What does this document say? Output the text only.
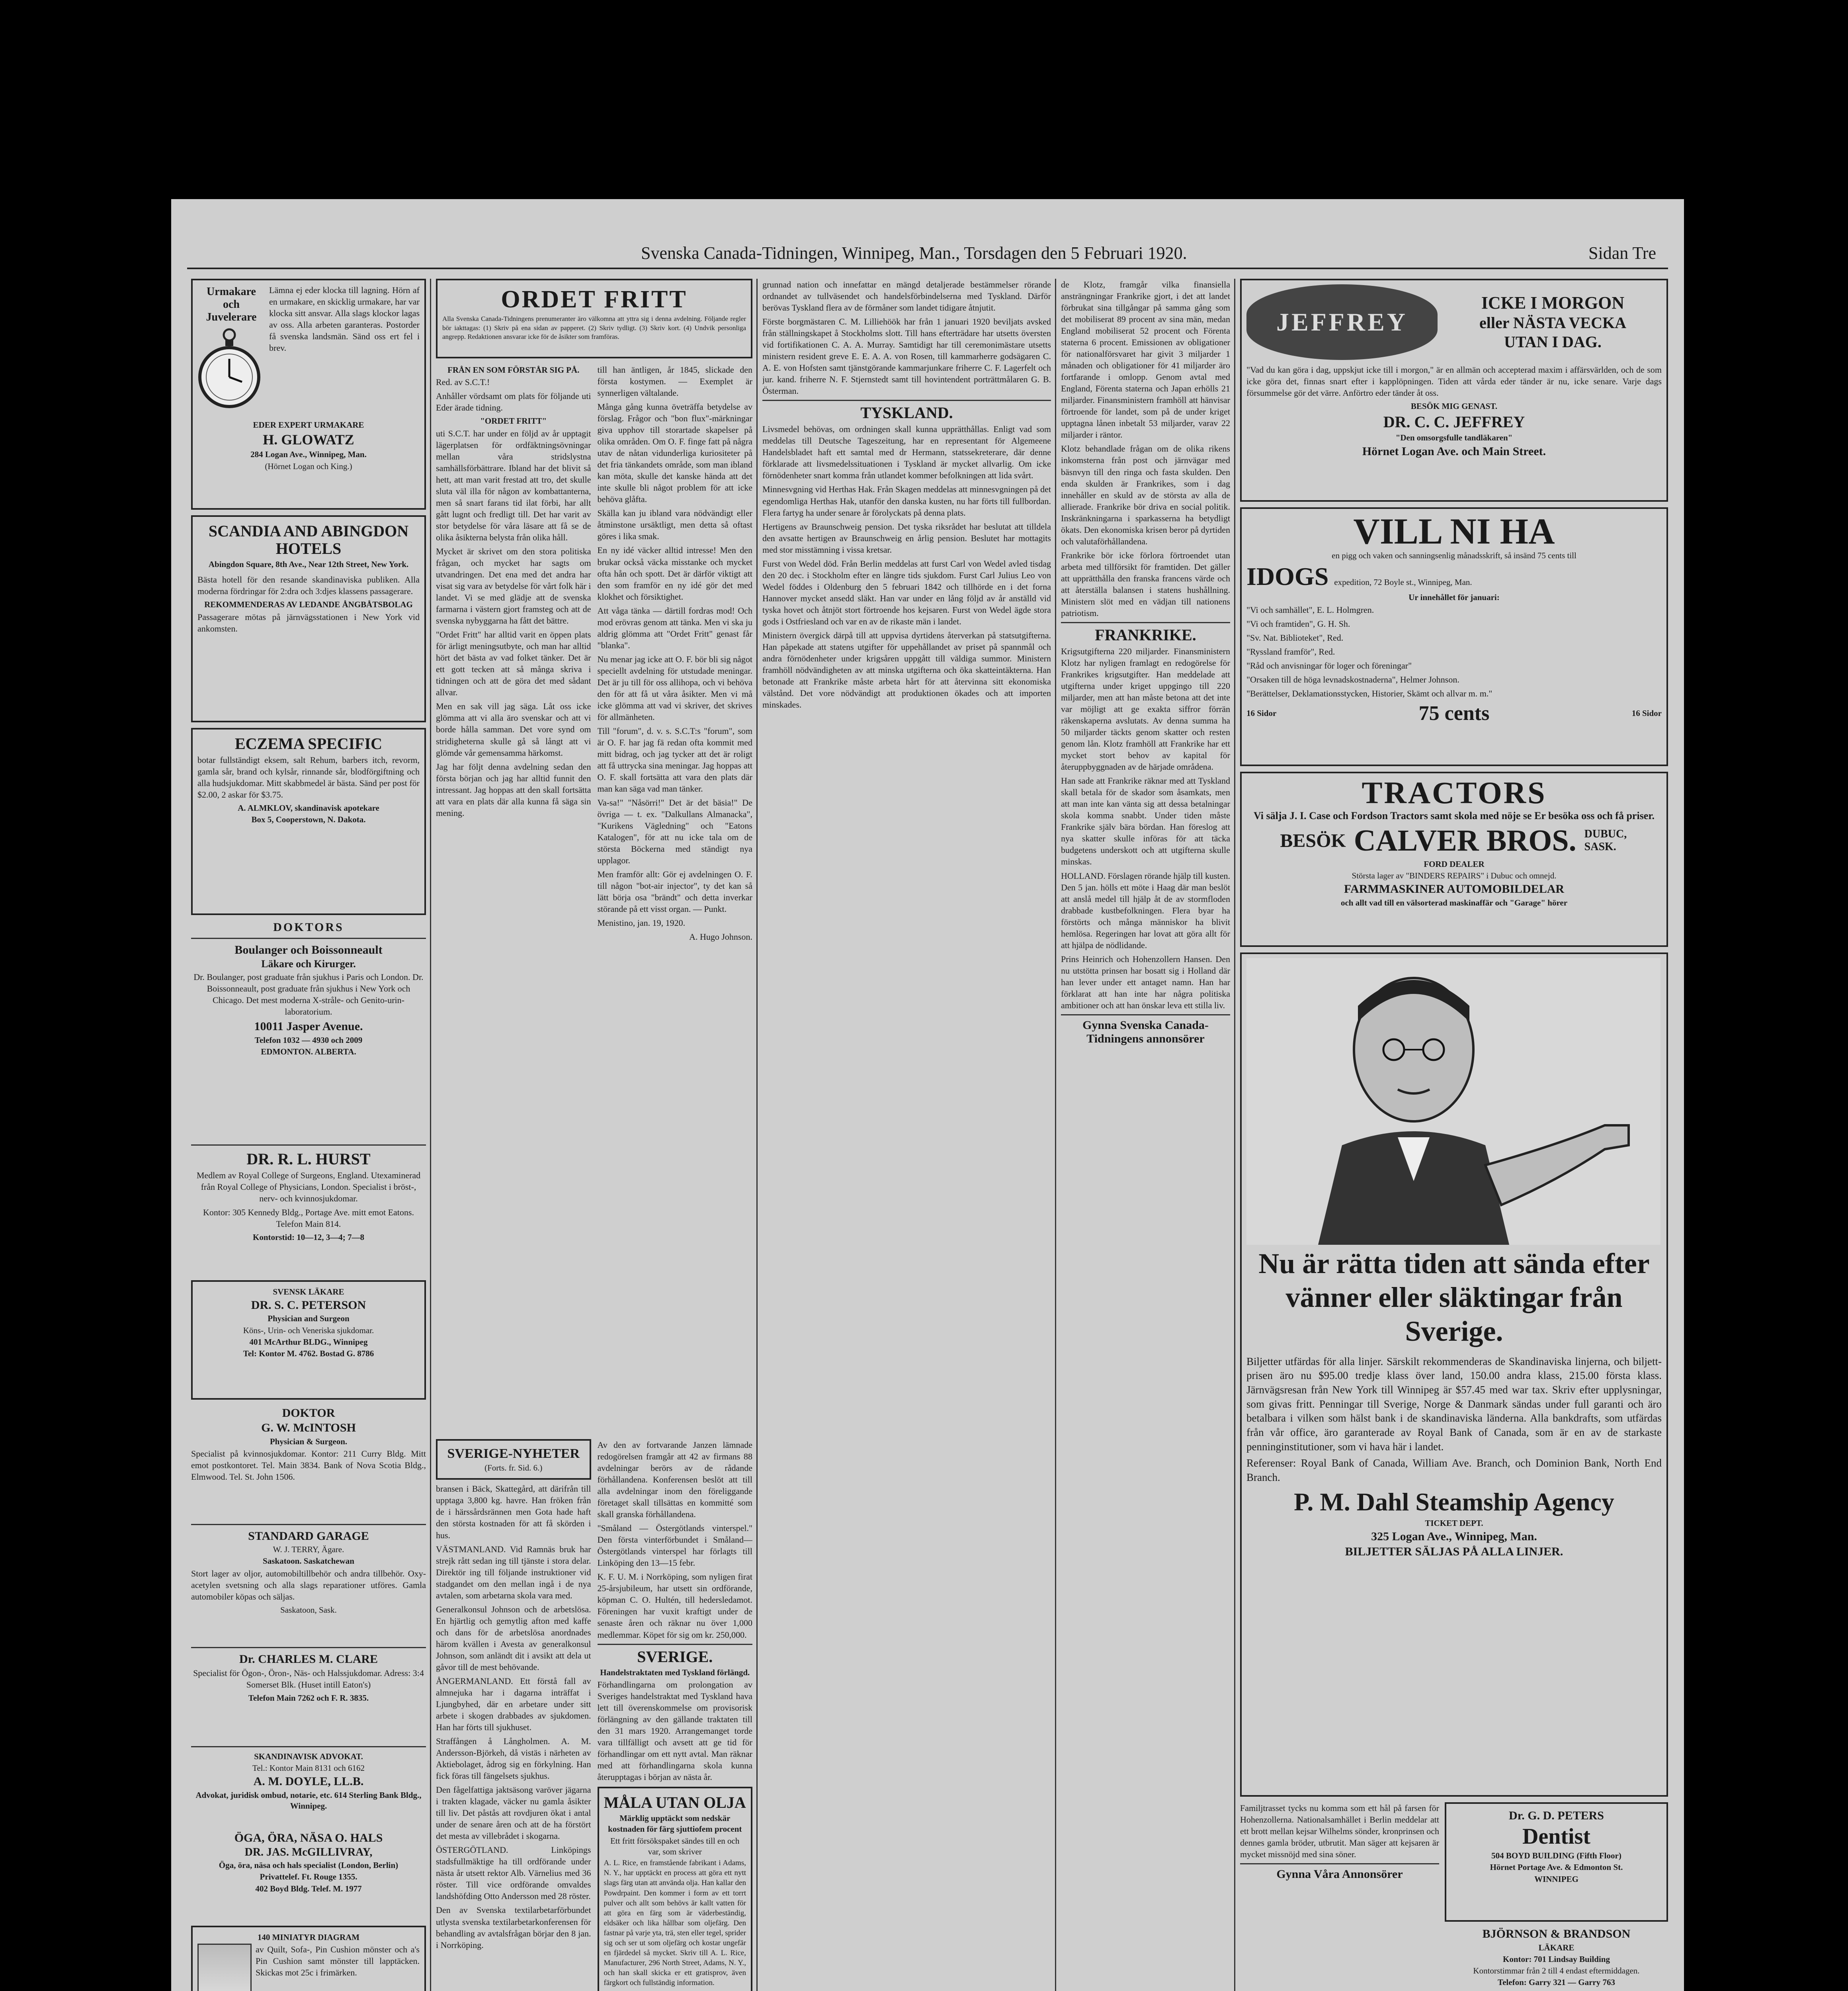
Svenska Canada-Tidningen, Winnipeg, Man., Torsdagen den 5 Februari 1920.	Sidan Tre
Urmakare och Juvelerare

Lämna ej eder klocka till lagning. Hörn af en urmakare, en skicklig urmakare, har var klocka sitt ansvar. Alla slags klockor lagas av oss. Alla arbeten garanteras. Postorder få svenska landsmän. Sänd oss ert fel i brev.

EDER EXPERT URMAKARE
H. GLOWATZ
284 Logan Ave., Winnipeg, Man.
(Hörnet Logan och King.)
SCANDIA AND ABINGDON HOTELS
Abingdon Square, 8th Ave., Near 12th Street, New York.

Bästa hotell för den resande skandinaviska publiken. Alla moderna fördringar för 2:dra och 3:djes klassens passagerare.

REKOMMENDERAS AV LEDANDE ÅNGBÅTSBOLAG

Passagerare mötas på järnvägsstationen i New York vid ankomsten.

ECZEMA SPECIFIC

botar fullständigt eksem, salt Rehum, barbers itch, revorm, gamla sår, brand och kylsår, rinnande sår, blodförgiftning och alla hudsjukdomar. Mitt skabbmedel är bästa. Sänd per post för $2.00, 2 askar för $3.75.

A. ALMKLOV, skandinavisk apotekare
Box 5, Cooperstown, N. Dakota.
DOKTORS
Boulanger och Boissonneault
Läkare och Kirurger.

Dr. Boulanger, post graduate från sjukhus i Paris och London. Dr. Boissonneault, post graduate från sjukhus i New York och Chicago. Det mest moderna X-stråle- och Genito-urin-laboratorium.

10011 Jasper Avenue.
Telefon 1032 — 4930 och 2009
EDMONTON. ALBERTA.
DR. R. L. HURST

Medlem av Royal College of Surgeons, England. Utexaminerad från Royal College of Physicians, London. Specialist i bröst-, nerv- och kvinnosjukdomar.

Kontor: 305 Kennedy Bldg., Portage Ave. mitt emot Eatons. Telefon Main 814.

Kontorstid: 10—12, 3—4; 7—8
SVENSK LÄKARE
DR. S. C. PETERSON
Physician and Surgeon
Köns-, Urin- och Veneriska sjukdomar.
401 McArthur BLDG., Winnipeg
Tel: Kontor M. 4762. Bostad G. 8786
DOKTOR
G. W. McINTOSH
Physician & Surgeon.

Specialist på kvinnosjukdomar. Kontor: 211 Curry Bldg. Mitt emot postkontoret. Tel. Main 3834. Bank of Nova Scotia Bldg., Elmwood. Tel. St. John 1506.

STANDARD GARAGE
W. J. TERRY, Ägare.
Saskatoon. Saskatchewan

Stort lager av oljor, automobiltillbehör och andra tillbehör. Oxy-acetylen svetsning och alla slags reparationer utföres. Gamla automobiler köpas och säljas.

Saskatoon, Sask.
Dr. CHARLES M. CLARE

Specialist för Ögon-, Öron-, Näs- och Halssjukdomar. Adress: 3:4 Somerset Blk. (Huset intill Eaton's)

Telefon Main 7262 och F. R. 3835.
SKANDINAVISK ADVOKAT.
Tel.: Kontor Main 8131 och 6162
A. M. DOYLE, LL.B.
Advokat, juridisk ombud, notarie, etc. 614 Sterling Bank Bldg., Winnipeg.
ÖGA, ÖRA, NÄSA O. HALS
DR. JAS. McGILLIVRAY,
Öga, öra, näsa och hals specialist (London, Berlin)
Privattelef. Ft. Rouge 1355.
402 Boyd Bldg. Telef. M. 1977
140 MINIATYR DIAGRAM

av Quilt, Sofa-, Pin Cushion mönster och a's Pin Cushion samt mönster till lapptäcken. Skickas mot 25c i frimärken.

ORDET FRITT

Alla Svenska Canada-Tidningens prenumeranter äro välkomna att yttra sig i denna avdelning. Följande regler bör iakttagas: (1) Skriv på ena sidan av papperet. (2) Skriv tydligt. (3) Skriv kort. (4) Undvik personliga angrepp. Redaktionen ansvarar icke för de åsikter som framföras.

FRÅN EN SOM FÖRSTÅR SIG PÅ.

Red. av S.C.T.!

Anhåller vördsamt om plats för följande uti Eder ärade tidning.

"ORDET FRITT"

uti S.C.T. har under en följd av år upptagit lägerplatsen för ordfäktningsövningar mellan våra stridslystna samhällsförbättrare. Ibland har det blivit så hett, att man varit frestad att tro, det skulle sluta väl illa för någon av kombattanterna, men så snart farans tid ilat förbi, har allt gått lugnt och fredligt till. Det har varit av stor betydelse för våra läsare att få se de olika åsikterna belysta från olika håll.

Mycket är skrivet om den stora politiska frågan, och mycket har sagts om utvandringen. Det ena med det andra har visat sig vara av betydelse för vårt folk här i landet. Vi se med glädje att de svenska farmarna i västern gjort framsteg och att de svenska nybyggarna ha fått det bättre.

"Ordet Fritt" har alltid varit en öppen plats för ärligt meningsutbyte, och man har alltid hört det bästa av vad folket tänker. Det är ett gott tecken att så många skriva i tidningen och att de göra det med sådant allvar.

Men en sak vill jag säga. Låt oss icke glömma att vi alla äro svenskar och att vi borde hålla samman. Det vore synd om stridigheterna skulle gå så långt att vi glömde vår gemensamma härkomst.

Jag har följt denna avdelning sedan den första början och jag har alltid funnit den intressant. Jag hoppas att den skall fortsätta att vara en plats där alla kunna få säga sin mening.

till han äntligen, år 1845, slickade den första kostymen. — Exemplet är synnerligen vältalande.

Många gång kunna öveträffa betydelse av förslag. Frågor och "bon flux"-märkningar giva upphov till storartade skapelser på olika områden. Om O. F. finge fatt på några utav de nåtan vidunderliga kuriositeter på det fria tänkandets område, som man ibland kan möta, skulle det kanske hända att det inte skulle bli något problem för att icke behöva glåfta.

Skälla kan ju ibland vara nödvändigt eller åtminstone ursäktligt, men detta så oftast göres i lika smak.

En ny idé väcker alltid intresse! Men den brukar också väcka misstanke och mycket ofta hån och spott. Det är därför viktigt att den som framför en ny idé gör det med klokhet och försiktighet.

Att våga tänka — därtill fordras mod! Och mod erövras genom att tänka. Men vi ska ju aldrig glömma att "Ordet Fritt" genast får "blanka".

Nu menar jag icke att O. F. bör bli sig något speciellt avdelning för utstudade meningar. Det är ju till för oss allihopa, och vi behöva den för att få ut våra åsikter. Men vi må icke glömma att vad vi skriver, det skrives för allmänheten.

Till "forum", d. v. s. S.C.T:s "forum", som är O. F. har jag fä redan ofta kommit med mitt bidrag, och jag tycker att det är roligt att få uttrycka sina meningar. Jag hoppas att O. F. skall fortsätta att vara den plats där man kan säga vad man tänker.

Va-sa!" "Nåsörri!" Det är det bäsia!" De övriga — t. ex. "Dalkullans Almanacka", "Kurikens Vägledning" och "Eatons Katalogen", för att nu icke tala om de största Böckerna med ständigt nya upplagor.

Men framför allt: Gör ej avdelningen O. F. till någon "bot-air injector", ty det kan så lätt börja osa "brändt" och detta inverkar störande på ett visst organ. — Punkt.

Menistino, jan. 19, 1920.

A. Hugo Johnson.

SVERIGE-NYHETER
(Forts. fr. Sid. 6.)

bransen i Bäck, Skattegård, att därifrån till upptaga 3,800 kg. havre. Han fröken från de i härssårdsrännen men Gota hade haft den största kostnaden för att få skörden i hus.

VÄSTMANLAND. Vid Ramnäs bruk har strejk rått sedan ing till tjänste i stora delar. Direktör ing till följande instruktioner vid stadgandet om den mellan ingå i de nya avtalen, som arbetarna skola vara med.

Generalkonsul Johnson och de arbetslösa. En hjärtlig och gemytlig afton med kaffe och dans för de arbetslösa anordnades härom kvällen i Avesta av generalkonsul Johnson, som anländt dit i avsikt att dela ut gåvor till de mest behövande.

ÅNGERMANLAND. Ett förstå fall av almnejuka har i dagarna inträffat i Ljungbyhed, där en arbetare under sitt arbete i skogen drabbades av sjukdomen. Han har förts till sjukhuset.

Straffången å Långholmen. A. M. Andersson-Björkeh, då vistäs i närheten av Aktiebolaget, ådrog sig en förkylning. Han fick föras till fängelsets sjukhus.

Den fågelfattiga jaktsäsong varöver jägarna i trakten klagade, väcker nu gamla åsikter till liv. Det påstås att rovdjuren ökat i antal under de senare åren och att de ha förstört det mesta av villebrådet i skogarna.

ÖSTERGÖTLAND. Linköpings stadsfullmäktige ha till ordförande under nästa år utsett rektor Alb. Värnelius med 36 röster. Till vice ordförande omvaldes landshöfding Otto Andersson med 28 röster.

Den av Svenska textilarbetarförbundet utlysta svenska textilarbetarkonferensen för behandling av avtalsfrågan börjar den 8 jan. i Norrköping.

Av den av fortvarande Janzen lämnade redogörelsen framgår att 42 av firmans 88 avdelningar berörs av de rådande förhållandena. Konferensen beslöt att till alla avdelningar inom den föreliggande företaget skall tillsättas en kommitté som skall granska förhållandena.

"Småland — Östergötlands vinterspel." Den första vinterförbundet i Småland—Östergötlands vinterspel har förlagts till Linköping den 13—15 febr.

K. F. U. M. i Norrköping, som nyligen firat 25-årsjubileum, har utsett sin ordförande, köpman C. O. Hultén, till hedersledamot. Föreningen har vuxit kraftigt under de senaste åren och räknar nu över 1,000 medlemmar. Köpet för sig om kr. 250,000.

SVERIGE.
Handelstraktaten med Tyskland förlängd.

Förhandlingarna om prolongation av Sveriges handelstraktat med Tyskland hava lett till överenskommelse om provisorisk förlängning av den gällande traktaten till den 31 mars 1920. Arrangemanget torde vara tillfälligt och avsett att ge tid för förhandlingar om ett nytt avtal. Man räknar med att förhandlingarna skola kunna återupptagas i början av nästa år.

MÅLA UTAN OLJA
Märklig upptäckt som nedskär kostnaden för färg sjuttiofem procent
Ett fritt försökspaket sändes till en och var, som skriver

A. L. Rice, en framstående fabrikant i Adams, N. Y., har upptäckt en process att göra ett nytt slags färg utan att använda olja. Han kallar den Powdrpaint. Den kommer i form av ett torrt pulver och allt som behövs är kallt vatten för att göra en färg som är väderbeständig, eldsäker och lika hållbar som oljefärg. Den fastnar på varje yta, trä, sten eller tegel, sprider sig och ser ut som oljefärg och kostar ungefär en fjärdedel så mycket. Skriv till A. L. Rice, Manufacturer, 296 North Street, Adams, N. Y., och han skall skicka er ett gratisprov, även färgkort och fullständig information.

grunnad nation och innefattar en mängd detaljerade bestämmelser rörande ordnandet av tullväsendet och handelsförbindelserna med Tyskland. Därför berövas Tyskland flera av de förmåner som landet tidigare åtnjutit.

Förste borgmästaren C. M. Lilliehöök har från 1 januari 1920 beviljats avsked från ställningskapet å Stockholms slott. Till hans efterträdare har utsetts översten vid fortifikationen C. A. A. Murray. Samtidigt har till ceremonimästare utsetts ministern resident greve E. E. A. A. von Rosen, till kammarherre godsägaren C. A. E. von Hofsten samt tjänstgörande kammarjunkare friherre C. F. Lagerfelt och jur. kand. friherre N. F. Stjernstedt samt till hovintendent porträttmålaren G. B. Österman.

TYSKLAND.

Livsmedel behövas, om ordningen skall kunna upprätthållas. Enligt vad som meddelas till Deutsche Tageszeitung, har en representant för Algemeene Handelsbladet haft ett samtal med dr Hermann, statssekreterare, där denne förklarade att livsmedelssituationen i Tyskland är mycket allvarlig. Om icke förnödenheter snart komma från utlandet kommer befolkningen att lida svårt.

Minnesvgning vid Herthas Hak. Från Skagen meddelas att minnesvgningen på det egendomliga Herthas Hak, utanför den danska kusten, nu har förts till fullbordan. Flera fartyg ha under senare år förolyckats på denna plats.

Hertigens av Braunschweig pension. Det tyska riksrådet har beslutat att tilldela den avsatte hertigen av Braunschweig en årlig pension. Beslutet har mottagits med stor misstämning i vissa kretsar.

Furst von Wedel död. Från Berlin meddelas att furst Carl von Wedel avled tisdag den 20 dec. i Stockholm efter en längre tids sjukdom. Furst Carl Julius Leo von Wedel föddes i Oldenburg den 5 februari 1842 och tillhörde en i det forna Hannover mycket ansedd släkt. Han var under en lång följd av år anställd vid tyska hovet och åtnjöt stort förtroende hos kejsaren. Furst von Wedel ägde stora gods i Ostfriesland och var en av de rikaste män i landet.

Ministern övergick därpå till att uppvisa dyrtidens återverkan på statsutgifterna. Han påpekade att statens utgifter för uppehållandet av priset på spannmål och andra förnödenheter under krigsåren uppgått till väldiga summor. Ministern framhöll nödvändigheten av att minska utgifterna och öka skatteintäkterna. Han betonade att Frankrike måste arbeta hårt för att återvinna sitt ekonomiska välstånd. Det vore nödvändigt att produktionen ökades och att importen minskades.

de Klotz, framgår vilka finansiella ansträngningar Frankrike gjort, i det att landet förbrukat sina tillgångar på samma gång som det mobiliserat 89 procent av sina män, medan England mobiliserat 52 procent och Förenta staterna 6 procent. Emissionen av obligationer för nationalförsvaret har givit 3 miljarder 1 månaden och obligationer för 41 miljarder äro fortfarande i omlopp. Genom avtal med England, Förenta staterna och Japan erhölls 21 miljarder. Finansministern framhöll att hänvisar förtroende för landet, som på de under kriget upptagna lånen inbetalt 53 miljarder, varav 22 miljarder i räntor.

Klotz behandlade frågan om de olika rikens inkomsterna från post och järnvägar med bäsnvyn till den ringa och fasta skulden. Den enda skulden är Frankrikes, som i dag innehåller en skuld av de största av alla de allierade. Frankrike bör driva en social politik. Inskränkningarna i sparkasserna ha betydligt ökats. Den ekonomiska krisen beror på dyrtiden och valutaförhållandena.

Frankrike bör icke förlora förtroendet utan arbeta med tillförsikt för framtiden. Det gäller att upprätthålla den franska francens värde och att återställa balansen i statens hushållning. Ministern slöt med en vädjan till nationens patriotism.

FRANKRIKE.

Krigsutgifterna 220 miljarder. Finansministern Klotz har nyligen framlagt en redogörelse för Frankrikes krigsutgifter. Han meddelade att utgifterna under kriget uppgingo till 220 miljarder, men att han måste betona att det inte var möjligt att ge exakta siffror förrän räkenskaperna avslutats. Av denna summa ha 50 miljarder täckts genom skatter och resten genom lån. Klotz framhöll att Frankrike har ett mycket stort behov av kapital för återuppbyggnaden av de härjade områdena.

Han sade att Frankrike räknar med att Tyskland skall betala för de skador som åsamkats, men att man inte kan vänta sig att dessa betalningar skola komma snabbt. Under tiden måste Frankrike själv bära bördan. Han föreslog att nya skatter skulle införas för att täcka budgetens underskott och att utgifterna skulle minskas.

HOLLAND. Förslagen rörande hjälp till kusten. Den 5 jan. hölls ett möte i Haag där man beslöt att anslå medel till hjälp åt de av stormfloden drabbade kustbefolkningen. Flera byar ha förstörts och många människor ha blivit hemlösa. Regeringen har lovat att göra allt för att hjälpa de nödlidande.

Prins Heinrich och Hohenzollern Hansen. Den nu utstötta prinsen har bosatt sig i Holland där han lever under ett antaget namn. Han har förklarat att han inte har några politiska ambitioner och att han önskar leva ett stilla liv.

Gynna Svenska Canada-Tidningens annonsörer
JEFFREY
ICKE I MORGON
eller NÄSTA VECKA
UTAN I DAG.

"Vad du kan göra i dag, uppskjut icke till i morgon," är en allmän och accepterad maxim i affärsvärlden, och de som icke göra det, finnas snart efter i kapplöpningen. Tiden att vårda eder tänder är nu, icke senare. Varje dags försummelse gör det värre. Anförtro eder tänder åt oss.

BESÖK MIG GENAST.
DR. C. C. JEFFREY
"Den omsorgsfulle tandläkaren"
Hörnet Logan Ave. och Main Street.
VILL NI HA
en pigg och vaken och sanningsenlig månadsskrift, så insänd 75 cents till
IDOGS expedition, 72 Boyle st., Winnipeg, Man.
Ur innehållet för januari:
"Vi och samhället", E. L. Holmgren.
"Vi och framtiden", G. H. Sh.
"Sv. Nat. Biblioteket", Red.
"Ryssland framför", Red.
"Råd och anvisningar för loger och föreningar"
"Orsaken till de höga levnadskostnaderna", Helmer Johnson.
"Berättelser, Deklamationsstycken, Historier, Skämt och allvar m. m."
16 Sidor	75 cents	16 Sidor
TRACTORS
Vi sälja J. I. Case och Fordson Tractors samt skola med nöje se Er besöka oss och få priser.
BESÖK CALVER BROS. DUBUC, SASK.
FORD DEALER
Största lager av "BINDERS REPAIRS" i Dubuc och omnejd.
FARMMASKINER AUTOMOBILDELAR
och allt vad till en välsorterad maskinaffär och "Garage" hörer
Nu är rätta tiden att sända efter vänner eller släktingar från Sverige.

Biljetter utfärdas för alla linjer. Särskilt rekommenderas de Skandinaviska linjerna, och biljett-prisen äro nu $95.00 tredje klass över land, 150.00 andra klass, 215.00 första klass. Järnvägsresan från New York till Winnipeg är $57.45 med war tax. Skriv efter upplysningar, som givas fritt. Penningar till Sverige, Norge & Danmark sändas under full garanti och äro betalbara i vilken som hälst bank i de skandinaviska länderna. Alla bankdrafts, som utfärdas från vår office, äro garanterade av Royal Bank of Canada, som är en av de starkaste penninginstitutioner, som vi hava här i landet.

Referenser: Royal Bank of Canada, William Ave. Branch, och Dominion Bank, North End Branch.

P. M. Dahl Steamship Agency
TICKET DEPT.
325 Logan Ave., Winnipeg, Man.
BILJETTER SÄLJAS PÅ ALLA LINJER.

Familjtrasset tycks nu komma som ett hål på farsen för Hohenzollerna. Nationalsamhället i Berlin meddelar att ett brott mellan kejsar Wilhelms sönder, kronprinsen och dennes gamla bröder, utbrutit. Man säger att kejsaren är mycket missnöjd med sina söner.

Gynna Våra Annonsörer
Dr. G. D. PETERS
Dentist
504 BOYD BUILDING (Fifth Floor)
Hörnet Portage Ave. & Edmonton St.
WINNIPEG
BJÖRNSON & BRANDSON
LÄKARE
Kontor: 701 Lindsay Building
Kontorstimmar från 2 till 4 endast eftermiddagen.
Telefon: Garry 321 — Garry 763
